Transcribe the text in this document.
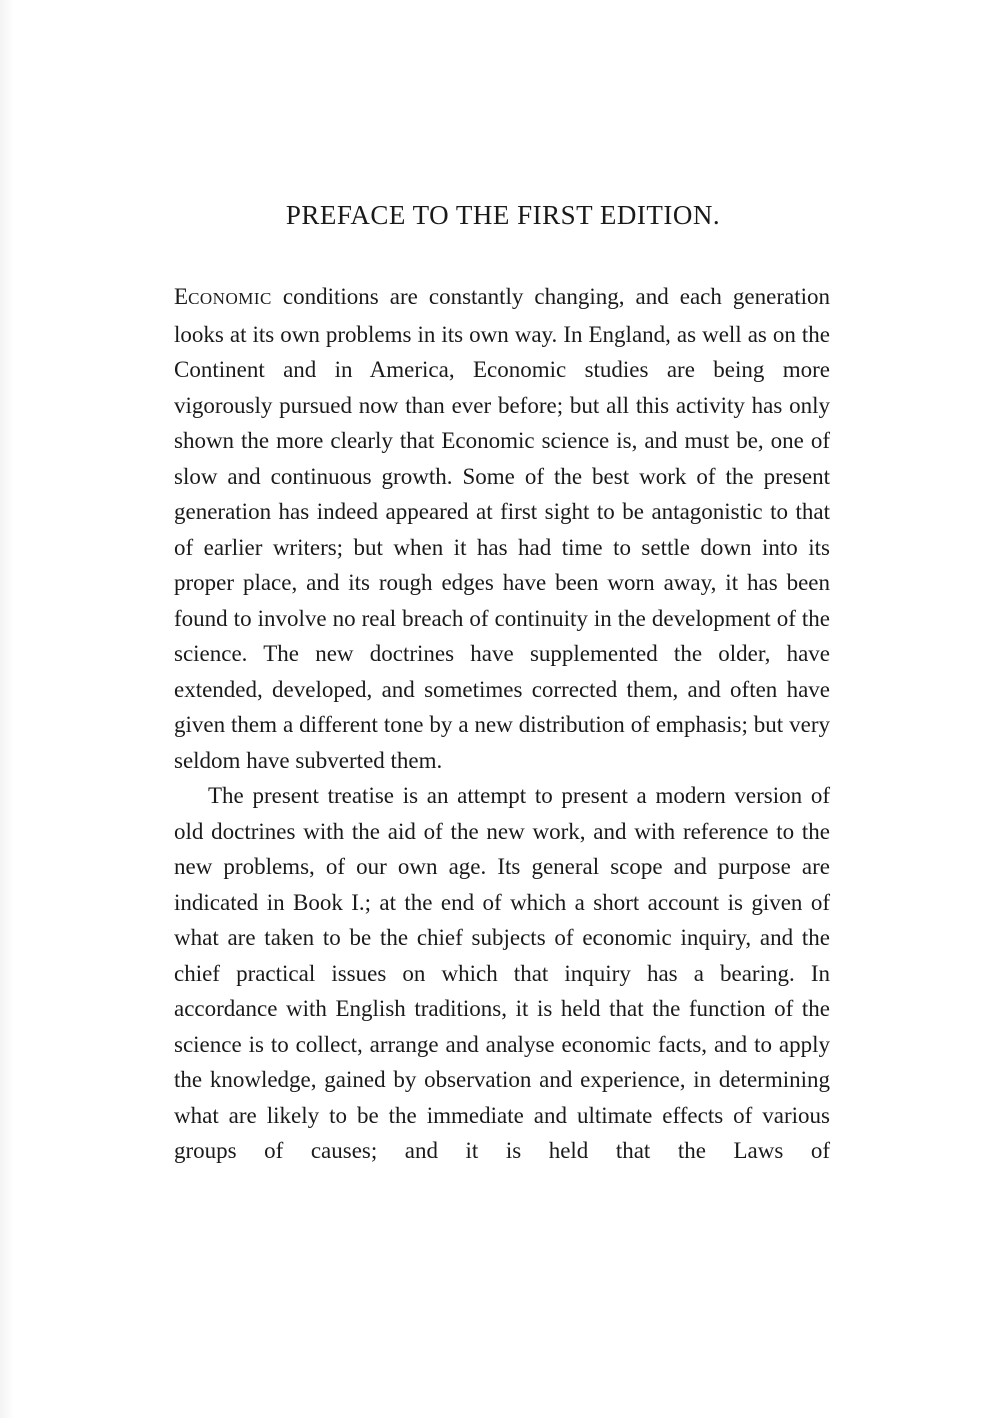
PREFACE TO THE FIRST EDITION.

ECONOMIC conditions are constantly changing, and each generation looks at its own problems in its own way. In England, as well as on the Continent and in America, Economic studies are being more vigorously pursued now than ever before; but all this activity has only shown the more clearly that Economic science is, and must be, one of slow and continuous growth. Some of the best work of the present generation has indeed appeared at first sight to be antagonistic to that of earlier writers; but when it has had time to settle down into its proper place, and its rough edges have been worn away, it has been found to involve no real breach of continuity in the development of the science. The new doctrines have supplemented the older, have extended, developed, and sometimes corrected them, and often have given them a different tone by a new distribution of emphasis; but very seldom have subverted them.

The present treatise is an attempt to present a modern version of old doctrines with the aid of the new work, and with reference to the new problems, of our own age. Its general scope and purpose are indicated in Book I.; at the end of which a short account is given of what are taken to be the chief subjects of economic inquiry, and the chief practical issues on which that inquiry has a bearing. In accordance with English traditions, it is held that the function of the science is to collect, arrange and analyse economic facts, and to apply the knowledge, gained by observation and experience, in determining what are likely to be the immediate and ultimate effects of various groups of causes; and it is held that the Laws of
